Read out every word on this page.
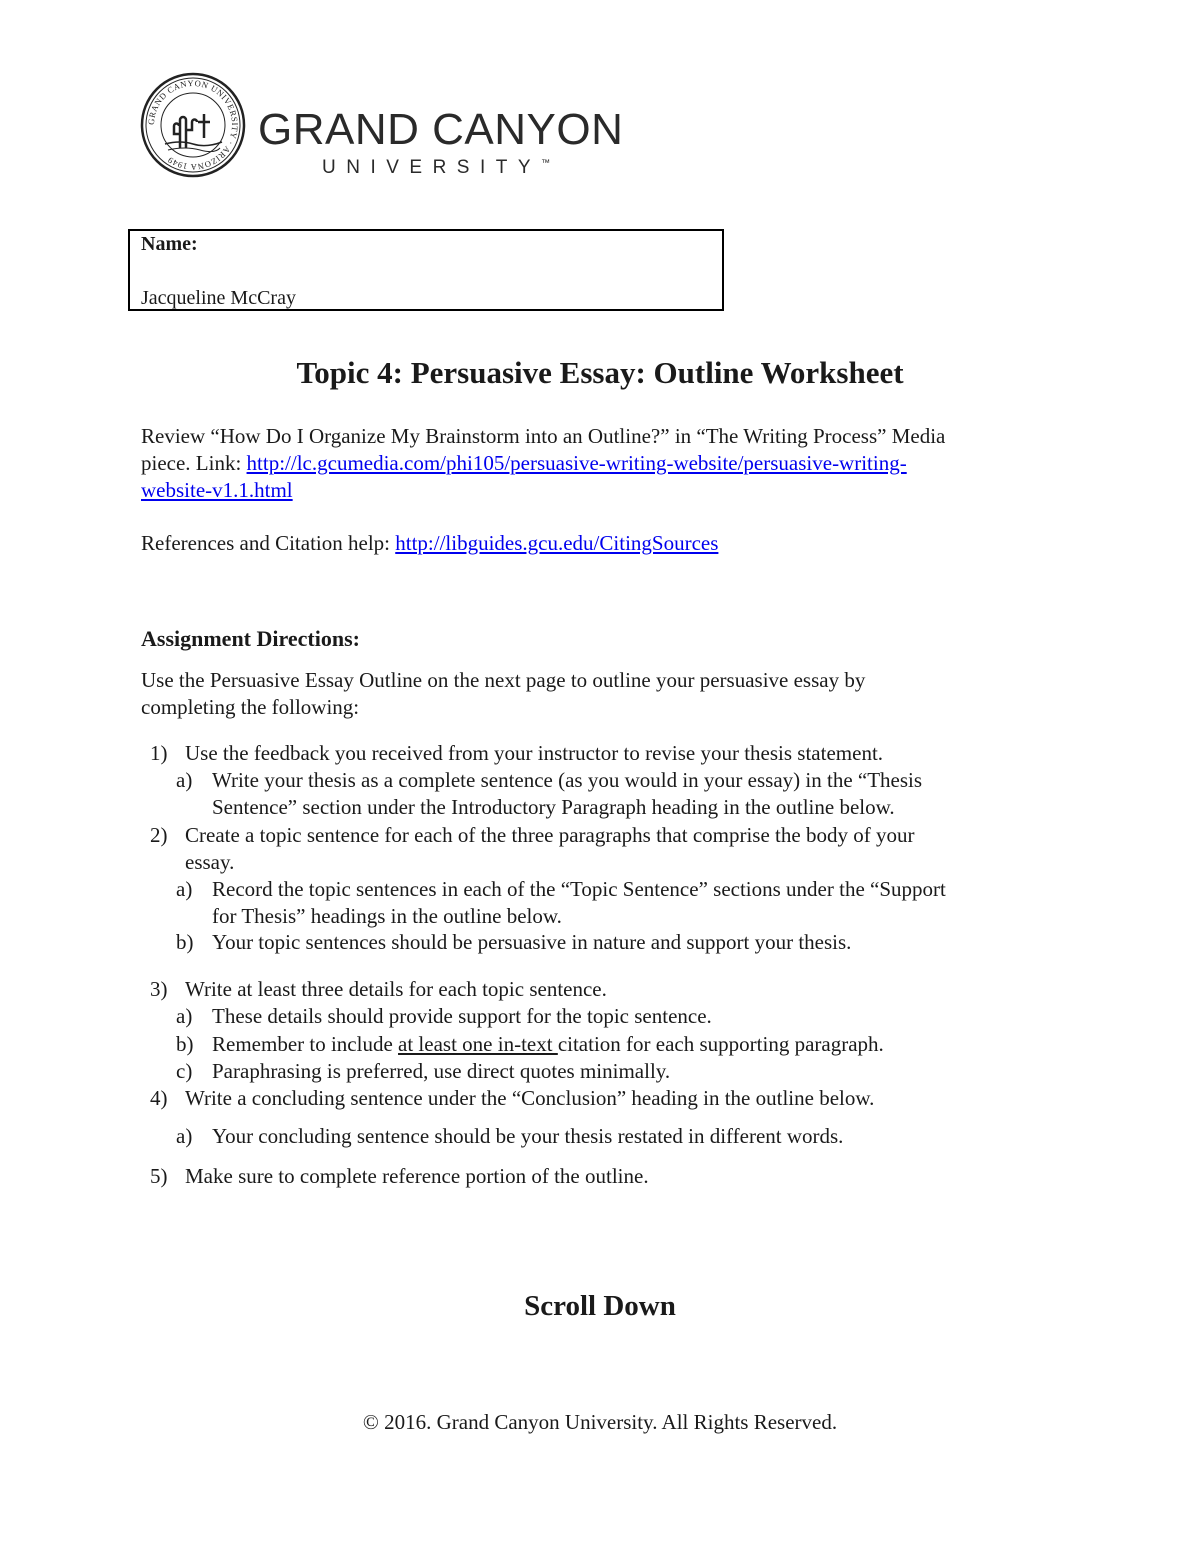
GRAND CANYON UNIVERSITY · ARIZONA 1949
GRAND CANYON
UNIVERSITY™
Name:
Jacqueline McCray
Topic 4: Persuasive Essay: Outline Worksheet
Review “How Do I Organize My Brainstorm into an Outline?” in “The Writing Process” Media
piece. Link: http://lc.gcumedia.com/phi105/persuasive-writing-website/persuasive-writing-
website-v1.1.html
References and Citation help: http://libguides.gcu.edu/CitingSources
Assignment Directions:
Use the Persuasive Essay Outline on the next page to outline your persuasive essay by
completing the following:
1) Use the feedback you received from your instructor to revise your thesis statement.
a) Write your thesis as a complete sentence (as you would in your essay) in the “Thesis
Sentence” section under the Introductory Paragraph heading in the outline below.
2) Create a topic sentence for each of the three paragraphs that comprise the body of your
essay.
a) Record the topic sentences in each of the “Topic Sentence” sections under the “Support
for Thesis” headings in the outline below.
b) Your topic sentences should be persuasive in nature and support your thesis.
3) Write at least three details for each topic sentence.
a) These details should provide support for the topic sentence.
b) Remember to include at least one in-text citation for each supporting paragraph.
c) Paraphrasing is preferred, use direct quotes minimally.
4) Write a concluding sentence under the “Conclusion” heading in the outline below.
a) Your concluding sentence should be your thesis restated in different words.
5) Make sure to complete reference portion of the outline.
Scroll Down
© 2016. Grand Canyon University. All Rights Reserved.
